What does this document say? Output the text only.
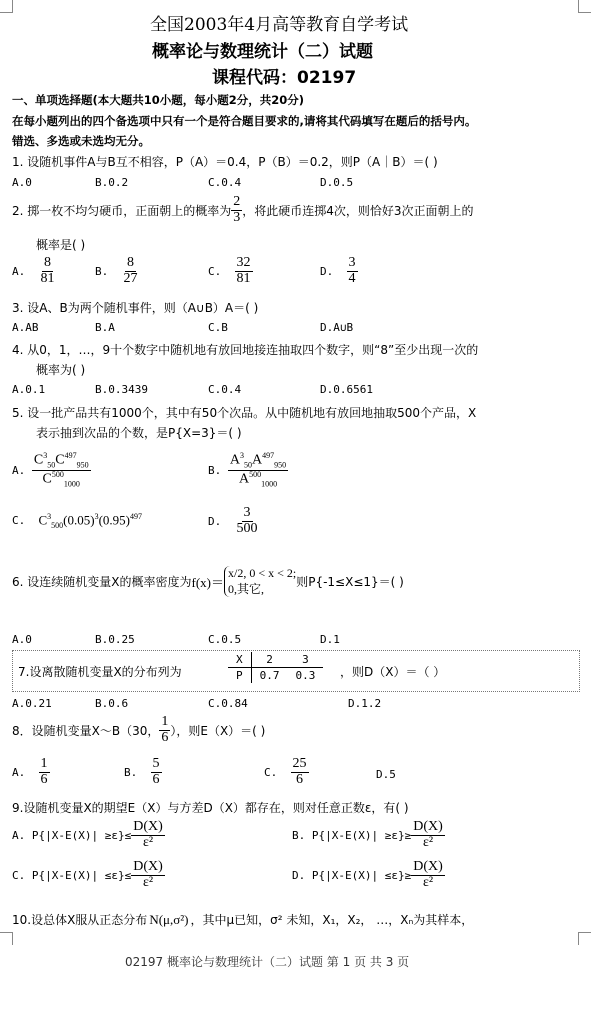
全国2003年4月高等教育自学考试
概率论与数理统计（二）试题
课程代码：02197
一、单项选择题(本大题共10小题，每小题2分，共20分)
在每小题列出的四个备选项中只有一个是符合题目要求的,请将其代码填写在题后的括号内。
错选、多选或未选均无分。
1. 设随机事件A与B互不相容，P（A）＝0.4，P（B）＝0.2，则P（A｜B）＝( )
A.0	B.0.2	C.0.4	D.0.5
2. 掷一枚不均匀硬币，正面朝上的概率为 $\frac{2}{3}$ ，将此硬币连掷4次，则恰好3次正面朝上的
概率是( )
A.
$\frac{8}{81}$	B.
$\frac{8}{27}$	C.
$\frac{32}{81}$	D.
$\frac{3}{4}$
3. 设A、B为两个随机事件，则（A∪B）A＝( )
A.AB	B.A	C.B	D.A∪B
4. 从0，1，…，9十个数字中随机地有放回地接连抽取四个数字，则“8”至少出现一次的
概率为( )
A.0.1	B.0.3439	C.0.4	D.0.6561
5. 设一批产品共有1000个，其中有50个次品。从中随机地有放回地抽取500个产品，X
表示抽到次品的个数，是P{X=3}＝( )
A.
$\frac{C^3_{50}C^{497}_{950}}{C^{500}_{1000}}$	B.
$\frac{A^3_{50}A^{497}_{950}}{A^{500}_{1000}}$
C.
$C^3_{500}(0.05)^3(0.95)^{497}$	D.
$\frac{3}{500}$
6. 设连续随机变量X的概率密度为 f(x)＝
x/2, 0 < x < 2;
0,其它,	则P{-1≤X≤1}＝( )
A.0	B.0.25	C.0.5	D.1
7.设离散随机变量X的分布列为
X	2	3
P	0.7	0.3 ，则D（X）＝（ ）
A.0.21	B.0.6	C.0.84	D.1.2
8．设随机变量X～B（30， $\frac{1}{6}$ ），则E（X）＝( )
A.
$\frac{1}{6}$	B.
$\frac{5}{6}$	C.
$\frac{25}{6}$	D.5
9.设随机变量X的期望E（X）与方差D（X）都存在，则对任意正数ε，有( )
A. $P\{|X-E(X)| \ge\varepsilon\}\le \frac{D(X)}{\text{ε²}}$	B. $P\{|X-E(X)| \ge\varepsilon\}\ge \frac{D(X)}{\text{ε²}}$
C. $P\{|X-E(X)| \le\varepsilon\}\le \frac{D(X)}{\text{ε²}}$	D. $P\{|X-E(X)| \le\varepsilon\}\ge \frac{D(X)}{\text{ε²}}$
10.设总体X服从正态分布 N(μ,σ²) ，其中μ已知，σ² 未知，X₁，X₂， …，Xₙ为其样本，
02197 概率论与数理统计（二）试题 第 1 页 共 3 页
